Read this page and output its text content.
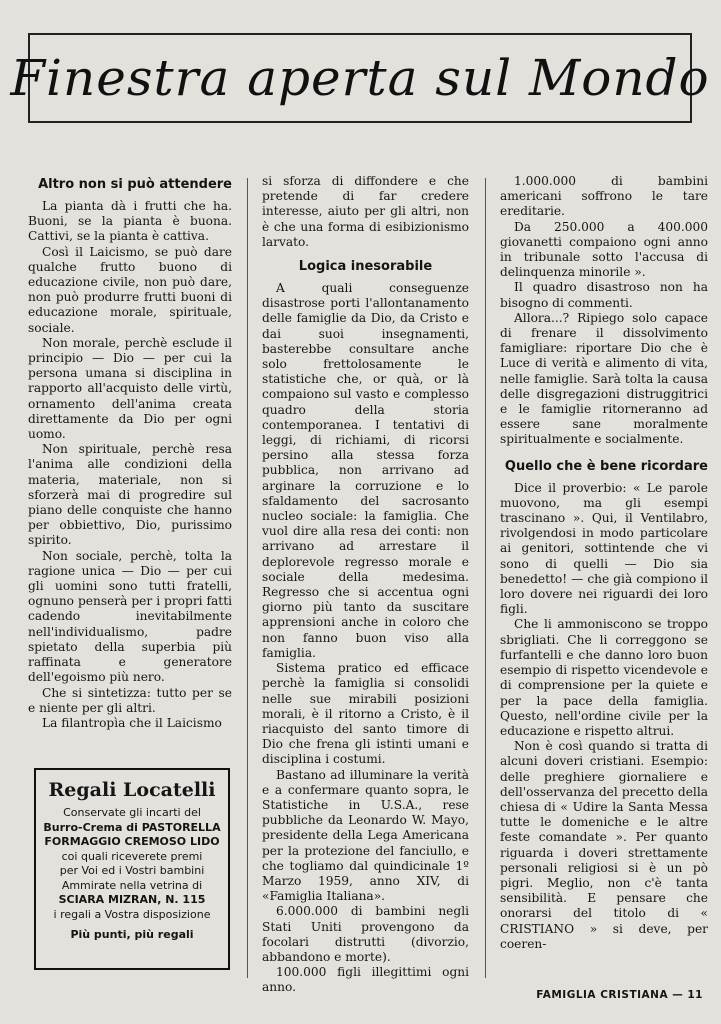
Finestra aperta sul Mondo
Altro non si può attendere

La pianta dà i frutti che ha. Buoni, se la pianta è buona. Cattivi, se la pianta è cattiva.

Così il Laicismo, se può dare qualche frutto buono di educazione civile, non può dare, non può produrre frutti buoni di educazione morale, spirituale, sociale.

Non morale, perchè esclude il principio — Dio — per cui la persona umana si disciplina in rapporto all'acquisto delle virtù, ornamento dell'anima creata direttamente da Dio per ogni uomo.

Non spirituale, perchè resa l'anima alle condizioni della materia, materiale, non si sforzerà mai di progredire sul piano delle conquiste che hanno per obbiettivo, Dio, purissimo spirito.

Non sociale, perchè, tolta la ragione unica — Dio — per cui gli uomini sono tutti fratelli, ognuno penserà per i propri fatti cadendo inevitabilmente nell'individualismo, padre spietato della superbia più raffinata e generatore dell'egoismo più nero.

Che si sintetizza: tutto per se e niente per gli altri.

La filantropìa che il Laicismo

Regali Locatelli
Conservate gli incarti del
Burro-Crema di PASTORELLA
FORMAGGIO CREMOSO LIDO
coi quali riceverete premi
per Voi ed i Vostri bambini
Ammirate nella vetrina di
SCIARA MIZRAN, N. 115
i regali a Vostra disposizione
Più punti, più regali

si sforza di diffondere e che pretende di far credere interesse, aiuto per gli altri, non è che una forma di esibizionismo larvato.

Logica inesorabile

A quali conseguenze disastrose porti l'allontanamento delle famiglie da Dio, da Cristo e dai suoi insegnamenti, basterebbe consultare anche solo frettolosamente le statistiche che, or quà, or là compaiono sul vasto e complesso quadro della storia contemporanea. I tentativi di leggi, di richiami, di ricorsi persino alla stessa forza pubblica, non arrivano ad arginare la corruzione e lo sfaldamento del sacrosanto nucleo sociale: la famiglia. Che vuol dire alla resa dei conti: non arrivano ad arrestare il deplorevole regresso morale e sociale della medesima. Regresso che si accentua ogni giorno più tanto da suscitare apprensioni anche in coloro che non fanno buon viso alla famiglia.

Sistema pratico ed efficace perchè la famiglia si consolidi nelle sue mirabili posizioni morali, è il ritorno a Cristo, è il riacquisto del santo timore di Dio che frena gli istinti umani e disciplina i costumi.

Bastano ad illuminare la verità e a confermare quanto sopra, le Statistiche in U.S.A., rese pubbliche da Leonardo W. Mayo, presidente della Lega Americana per la protezione del fanciullo, e che togliamo dal quindicinale 1º Marzo 1959, anno XIV, di «Famiglia Italiana».

6.000.000 di bambini negli Stati Uniti provengono da focolari distrutti (divorzio, abbandono e morte).

100.000 figli illegittimi ogni anno.

1.000.000 di bambini americani soffrono le tare ereditarie.

Da 250.000 a 400.000 giovanetti compaiono ogni anno in tribunale sotto l'accusa di delinquenza minorile ».

Il quadro disastroso non ha bisogno di commenti.

Allora...? Ripiego solo capace di frenare il dissolvimento famigliare: riportare Dio che è Luce di verità e alimento di vita, nelle famiglie. Sarà tolta la causa delle disgregazioni distruggitrici e le famiglie ritorneranno ad essere sane moralmente spiritualmente e socialmente.

Quello che è bene ricordare

Dice il proverbio: « Le parole muovono, ma gli esempi trascinano ». Qui, il Ventilabro, rivolgendosi in modo particolare ai genitori, sottintende che vi sono di quelli — Dio sia benedetto! — che già compiono il loro dovere nei riguardi dei loro figli.

Che li ammoniscono se troppo sbrigliati. Che li correggono se furfantelli e che danno loro buon esempio di rispetto vicendevole e di comprensione per la quiete e per la pace della famiglia. Questo, nell'ordine civile per la educazione e rispetto altrui.

Non è così quando si tratta di alcuni doveri cristiani. Esempio: delle preghiere giornaliere e dell'osservanza del precetto della chiesa di « Udire la Santa Messa tutte le domeniche e le altre feste comandate ». Per quanto riguarda i doveri strettamente personali religiosi si è un pò pigri. Meglio, non c'è tanta sensibilità. E pensare che onorarsi del titolo di « CRISTIANO » si deve, per coeren-

FAMIGLIA CRISTIANA — 11
